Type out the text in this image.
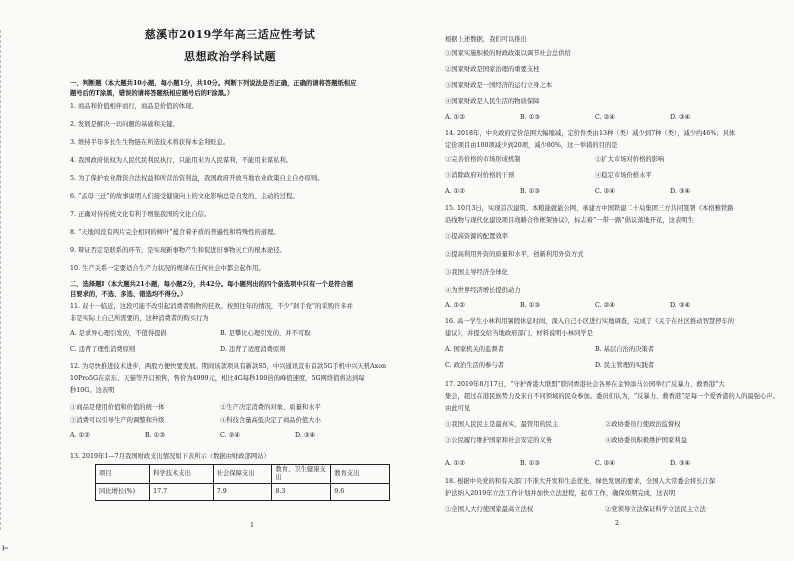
⊢
慈溪市2019学年高三适应性考试
思想政治学科试题
项目	科学技术支出	社会保障支出	教育、卫生健康支出	教育支出
同比增长(%)	17.7	7.9	8.3	9.6
1
一、判断题（本大题共10小题，每小题1分，共10分。判断下列说法是否正确，正确的请将答题纸相应
题号后的T涂黑，错误的请将答题纸相应题号后的F涂黑。）
1. 商品和价值相伴而行，商品是价值的体现。
2. 发展是解决一切问题的基础和关键。
3. 维持半年多长生生物链在所造技术将获得本金利贬息。
4. 我国政府依权为人民代民利民执行，只能用来为人民谋利，不能用来谋私利。
5. 为了保护农业群资合法权益和所营治资利益，我国政府开放当地农业政策自主自办原则。
6. “孟母三迁”的故事说明人们接受健康向上的文化影响总是自发的、主动的过程。
7. 正确对待传统文化有利于增强我国的文化自信。
8. “天地间没有两片完全相同的树叶”蕴含着矛盾的普遍性和特殊性的道理。
9. 辩证否定是联系的环节，是实现新事物产生和促进旧事物灭亡的根本途径。
10. 生产关系一定要适合生产力状况的规律在任何社会中都会起作用。
二、选择题Ⅰ（本大题共21小题，每小题2分，共42分。每小题列出的四个备选项中只有一个是符合题
目要求的，不选、多选、错选均不得分。）
11. 双十一临近，这段可能不改引起消费者购物的狂欢。按照往年的情况，不少“剁手党”的采购许多并
非是实际上自己所需要的，这种消费者的购买行为
12. 为尽快推进技术进步，两股方便快要发展。期间该款项具有新款S5，中兴通讯宣布首款5G手机中兴天机Axon
10Pro5G在京东、天猫等开启预售，售价为4999元，相比4G每秒100倍的峰值速度，5G网络值将达到每
秒10G。这表明
13. 2019年1—7月我国财政支出情况如下表所示（数据由财政部网站）
A. 是求异心理引发的，不值得提倡	B. 是攀比心理引发的，并不可取
C. 违背了理性消费原则	D. 违背了适度消费原则
①商品是使用价值和价值的统一体	②生产决定消费的对象、质量和水平
③消费可以引导生产的调整和升级	④科技含量高低决定了商品价值大小
A. ①②	B. ①③	C. ②④	D. ③④
2
根据上述数据，我们可以推出
①国家实施积极的财政政策以调节社会总供给
②国家财政是国家治理的重要支柱
③国家财政是一国经济的运行立身之本
④国家财政是人民生活的物质保障
14. 2018年，中央政府定价范围大幅缩减，定价件类由13种（类）减少到7种（类），减少约46%；具体
定价项目由100项减少到20项，减少80%，这一举措的目的是
①完善价格的市场形成机制	②扩大市场对价格的影响
③消除政府对价格的干预	④稳定市场价格水平
15. 10月3日，实现首次建筑、本粮能就能公网，承建方中国铁建二十局集团三方共同签署《本格雅铁路
沿线物与现代化建设项目战略合作框架协议》，标志着“一带一路”倡议落地开花，这表明生
①提高资源的配置效率
②提高利用外资的质量和水平，创新利用外资方式
③我国主导经济全球化
④为世界经济增长提供动力
16. 高一学生小林利用暑假休息时间，深入自己小区进行实地调查，完成了《关于在社区推动智慧停车的
建议》，并提交给当地政府部门，材料说明小林同学是
A. 国家机关的监督者	B. 基层自治的决策者
C. 政治生活的参与者	D. 民主管理的实践者
17. 2019年8月17日，“守护香港大联盟”联同香港社会各界在金钟添马公园举行“反暴力、救香港”大
集会，超过在港民族势力及来自不同领域的民众参加。委员们认为，“反暴力、救香港”是每一个爱香港的人的最强心声。
由此可见
①我国人民民主是最真实、最管用的民主	②政协委员行使政治监督权
③公民履行维护国家和社会安定的义务	④政协委员积极维护国家利益
18. 根据中央党的和有关部门不准大开发和生态优先、绿色发展的要求，全国人大常委会将长江保
护法纳入2019年立法工作计划并加快立法进程，起草工作，确保如期完成，这表明
①全国人大行使国家最高立法权	②党领导立法保证科学立法民主立法
A. ①②	B. ①③	C. ②④	D. ③④
A. ①②	B. ①③	C. ②④	D. ③④
A. ①②	B. ①③	C. ②④	D. ③④
A. ①②	B. ①③	C. ②④	D. ③④
